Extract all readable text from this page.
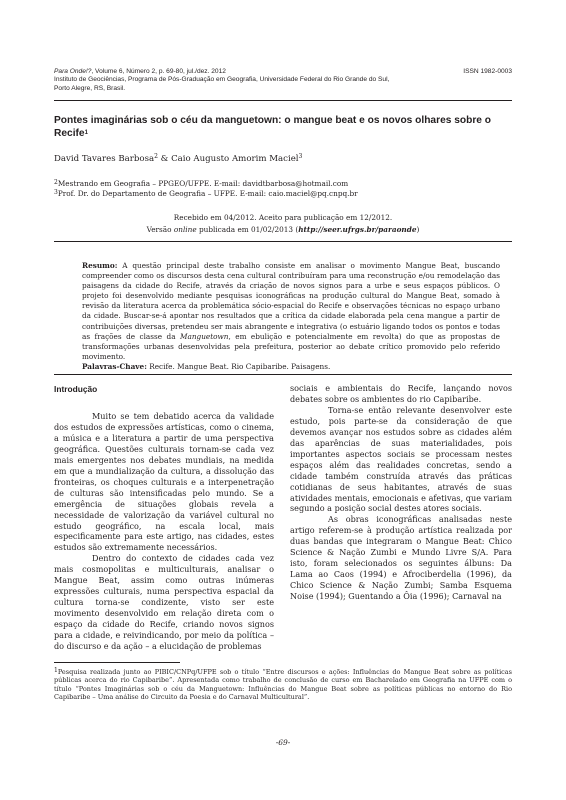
Para Onde!?, Volume 6, Número 2, p. 69-80, jul./dez. 2012
Instituto de Geociências, Programa de Pós-Graduação em Geografia, Universidade Federal do Rio Grande do Sul,
Porto Alegre, RS, Brasil.
ISSN 1982-0003
Pontes imaginárias sob o céu da manguetown: o mangue beat e os novos olhares sobre o Recife$^1$
David Tavares Barbosa$^2$ & Caio Augusto Amorim Maciel$^3$
$^2$Mestrando em Geografia – PPGEO/UFPE. E-mail: davidtbarbosa@hotmail.com
$^3$Prof. Dr. do Departamento de Geografia – UFPE. E-mail: caio.maciel@pq.cnpq.br
Recebido em 04/2012. Aceito para publicação em 12/2012.
Versão online publicada em 01/02/2013 (http://seer.ufrgs.br/paraonde)
Resumo: A questão principal deste trabalho consiste em analisar o movimento Mangue Beat, buscando compreender como os discursos desta cena cultural contribuíram para uma reconstrução e/ou remodelação das paisagens da cidade do Recife, através da criação de novos signos para a urbe e seus espaços públicos. O projeto foi desenvolvido mediante pesquisas iconográficas na produção cultural do Mangue Beat, somado à revisão da literatura acerca da problemática sócio-espacial do Recife e observações técnicas no espaço urbano da cidade. Buscar-se-á apontar nos resultados que a crítica da cidade elaborada pela cena mangue a partir de contribuições diversas, pretendeu ser mais abrangente e integrativa (o estuário ligando todos os pontos e todas as frações de classe da Manguetown, em ebulição e potencialmente em revolta) do que as propostas de transformações urbanas desenvolvidas pela prefeitura, posterior ao debate crítico promovido pelo referido movimento.
Palavras-Chave: Recife. Mangue Beat. Rio Capibaribe. Paisagens.
Introdução

Muito se tem debatido acerca da validade dos estudos de expressões artísticas, como o cinema, a música e a literatura a partir de uma perspectiva geográfica. Questões culturais tornam-se cada vez mais emergentes nos debates mundiais, na medida em que a mundialização da cultura, a dissolução das fronteiras, os choques culturais e a interpenetração de culturas são intensificadas pelo mundo. Se a emergência de situações globais revela a necessidade de valorização da variável cultural no estudo geográfico, na escala local, mais especificamente para este artigo, nas cidades, estes estudos são extremamente necessários.

Dentro do contexto de cidades cada vez mais cosmopolitas e multiculturais, analisar o Mangue Beat, assim como outras inúmeras expressões culturais, numa perspectiva espacial da cultura torna-se condizente, visto ser este movimento desenvolvido em relação direta com o espaço da cidade do Recife, criando novos signos para a cidade, e reivindicando, por meio da política – do discurso e da ação – a elucidação de problemas

sociais e ambientais do Recife, lançando novos debates sobre os ambientes do rio Capibaribe.

Torna-se então relevante desenvolver este estudo, pois parte-se da consideração de que devemos avançar nos estudos sobre as cidades além das aparências de suas materialidades, pois importantes aspectos sociais se processam nestes espaços além das realidades concretas, sendo a cidade também construída através das práticas cotidianas de seus habitantes, através de suas atividades mentais, emocionais e afetivas, que variam segundo a posição social destes atores sociais.

As obras iconográficas analisadas neste artigo referem-se à produção artística realizada por duas bandas que integraram o Mangue Beat: Chico Science & Nação Zumbi e Mundo Livre S/A. Para isto, foram selecionados os seguintes álbuns: Da Lama ao Caos (1994) e Afrociberdelia (1996), da Chico Science & Nação Zumbi; Samba Esquema Noise (1994); Guentando a Ôia (1996); Carnaval na

$^1$Pesquisa realizada junto ao PIBIC/CNPq/UFPE sob o título “Entre discursos e ações: Influências do Mangue Beat sobre as políticas públicas acerca do rio Capibaribe”. Apresentada como trabalho de conclusão de curso em Bacharelado em Geografia na UFPE com o título “Pontes Imaginárias sob o céu da Manguetown: Influências do Mangue Beat sobre as políticas públicas no entorno do Rio Capibaribe – Uma análise do Circuito da Poesia e do Carnaval Multicultural”.
-69-
